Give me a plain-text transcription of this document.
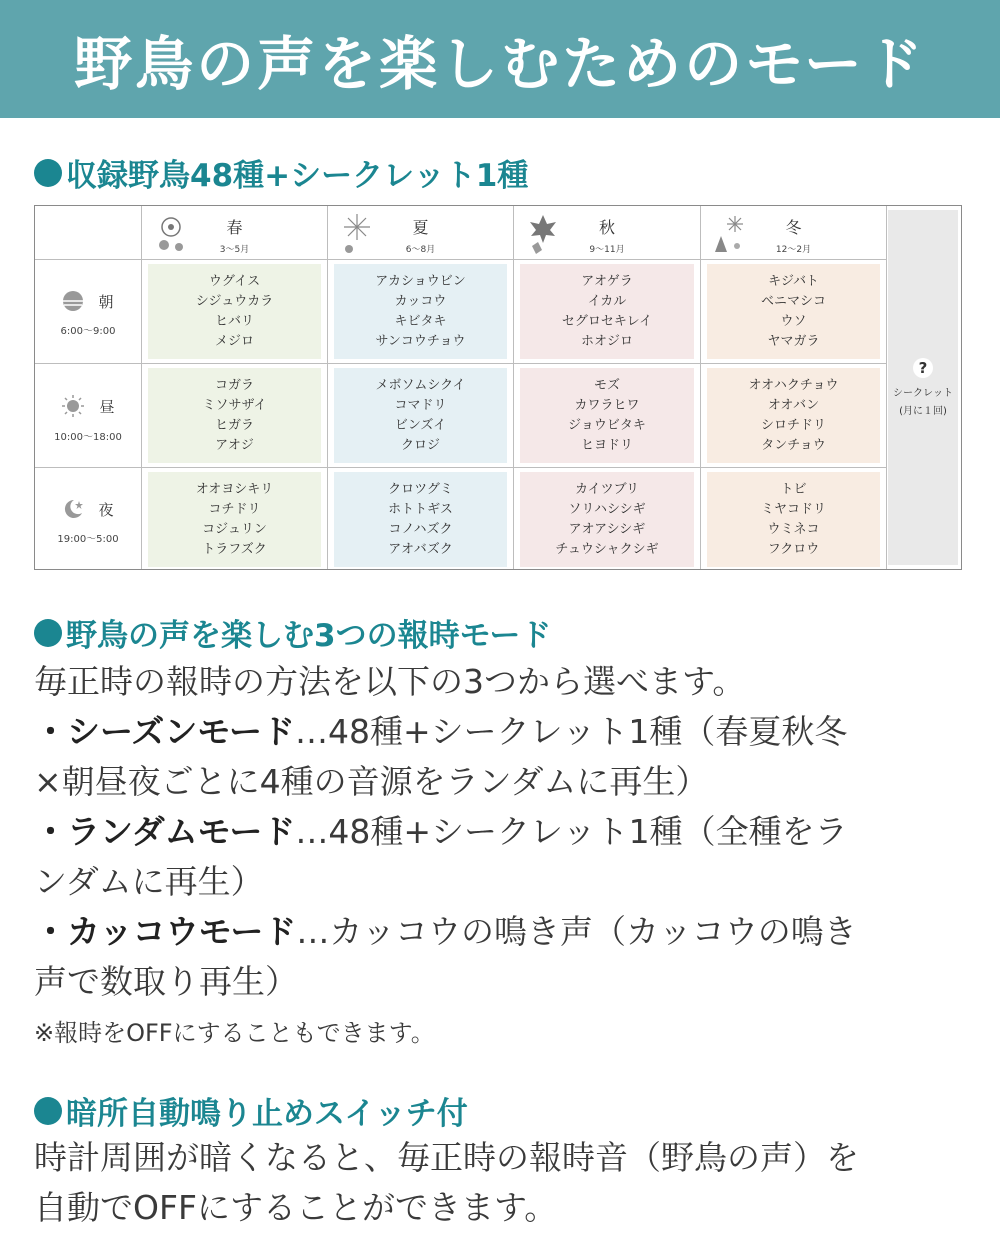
野鳥の声を楽しむためのモード
収録野鳥48種+シークレット1種
春
3～5月
夏
6～8月
秋
9～11月
冬
12～2月
朝
6:00～9:00
昼
10:00～18:00
夜
19:00～5:00
ウグイス
シジュウカラ
ヒバリ
メジロ
アカショウビン
カッコウ
キビタキ
サンコウチョウ
アオゲラ
イカル
セグロセキレイ
ホオジロ
キジバト
ベニマシコ
ウソ
ヤマガラ
コガラ
ミソサザイ
ヒガラ
アオジ
メボソムシクイ
コマドリ
ビンズイ
クロジ
モズ
カワラヒワ
ジョウビタキ
ヒヨドリ
オオハクチョウ
オオバン
シロチドリ
タンチョウ
オオヨシキリ
コチドリ
コジュリン
トラフズク
クロツグミ
ホトトギス
コノハズク
アオバズク
カイツブリ
ソリハシシギ
アオアシシギ
チュウシャクシギ
トビ
ミヤコドリ
ウミネコ
フクロウ
?
シークレット
(月に１回)
野鳥の声を楽しむ3つの報時モード
毎正時の報時の方法を以下の3つから選べます。
・シーズンモード…48種+シークレット1種（春夏秋冬
×朝昼夜ごとに4種の音源をランダムに再生）
・ランダムモード…48種+シークレット1種（全種をラ
ンダムに再生）
・カッコウモード…カッコウの鳴き声（カッコウの鳴き
声で数取り再生）
※報時をOFFにすることもできます。
暗所自動鳴り止めスイッチ付
時計周囲が暗くなると、毎正時の報時音（野鳥の声）を
自動でOFFにすることができます。
